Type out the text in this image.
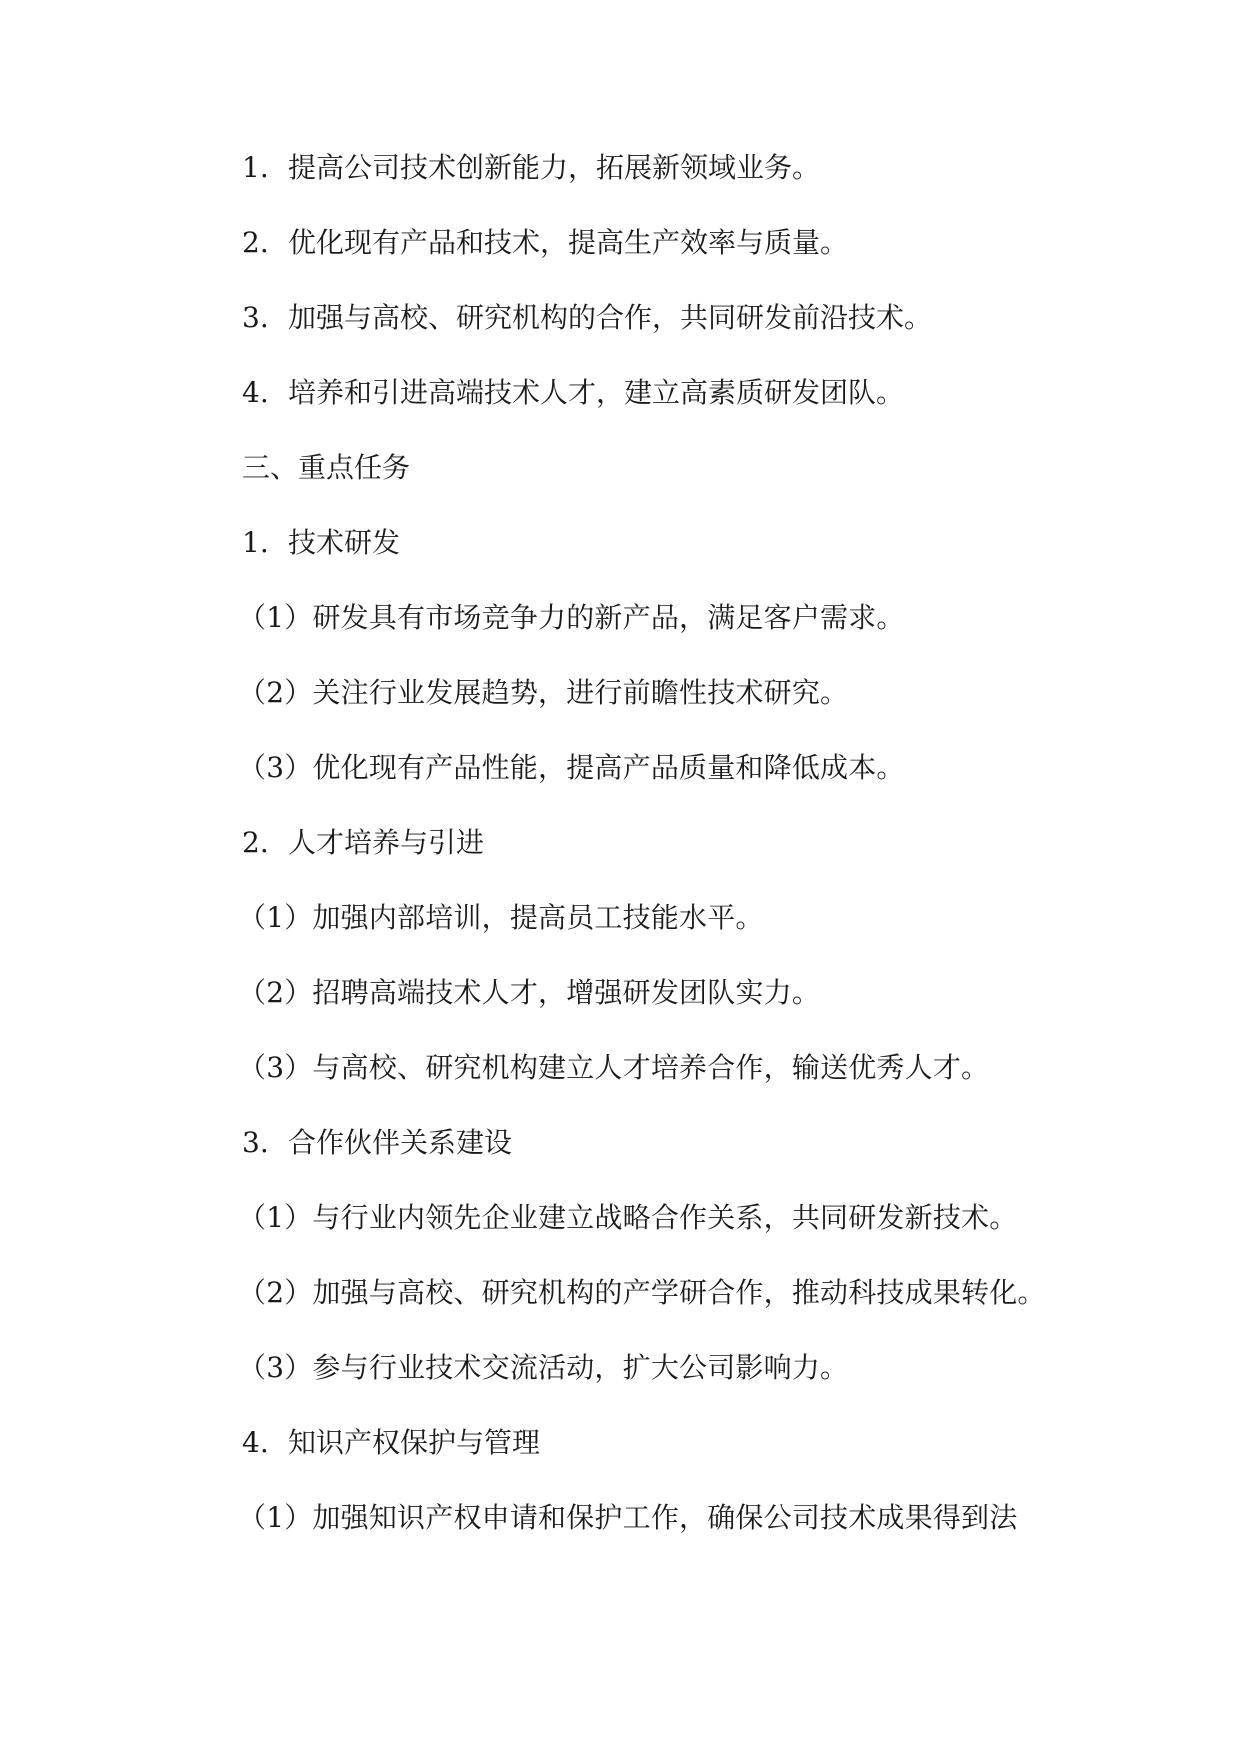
1. 提高公司技术创新能力，拓展新领域业务。
2. 优化现有产品和技术，提高生产效率与质量。
3. 加强与高校、研究机构的合作，共同研发前沿技术。
4. 培养和引进高端技术人才，建立高素质研发团队。
三、重点任务
1. 技术研发
（1）研发具有市场竞争力的新产品，满足客户需求。
（2）关注行业发展趋势，进行前瞻性技术研究。
（3）优化现有产品性能，提高产品质量和降低成本。
2. 人才培养与引进
（1）加强内部培训，提高员工技能水平。
（2）招聘高端技术人才，增强研发团队实力。
（3）与高校、研究机构建立人才培养合作，输送优秀人才。
3. 合作伙伴关系建设
（1）与行业内领先企业建立战略合作关系，共同研发新技术。
（2）加强与高校、研究机构的产学研合作，推动科技成果转化。
（3）参与行业技术交流活动，扩大公司影响力。
4. 知识产权保护与管理
（1）加强知识产权申请和保护工作，确保公司技术成果得到法
